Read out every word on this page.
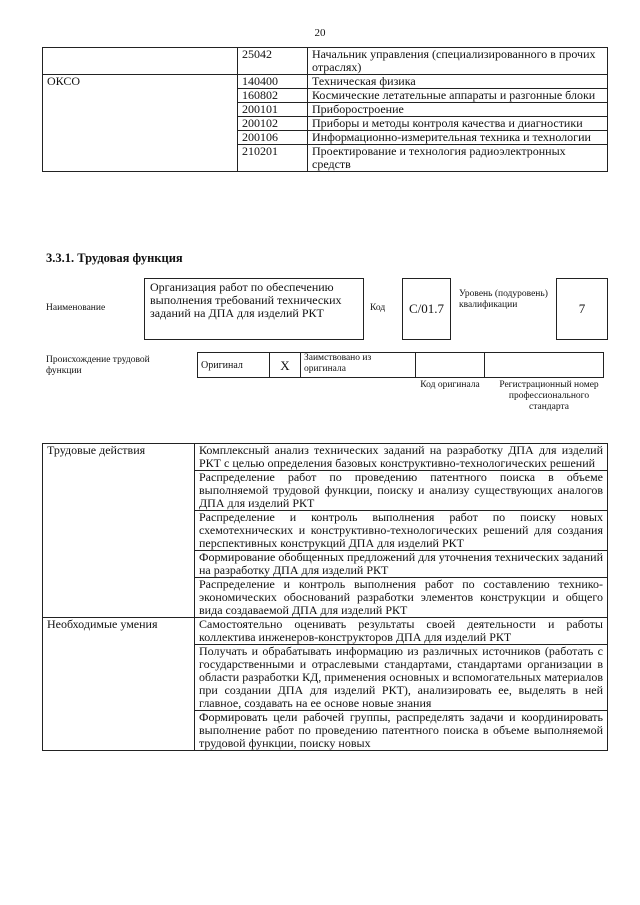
20
	25042	Начальник управления (специализированного в прочих отраслях)
ОКСО	140400	Техническая физика
	160802	Космические летательные аппараты и разгонные блоки
	200101	Приборостроение
	200102	Приборы и методы контроля качества и диагностики
	200106	Информационно-измерительная техника и технологии
	210201	Проектирование и технология радиоэлектронных средств
3.3.1. Трудовая функция
Наименование
Организация работ по обеспечению выполнения требований технических заданий на ДПА для изделий РКТ	Код	C/01.7
Уровень (подуровень) квалификации	7
Происхождение трудовой функции
Оригинал	X	Заимствовано из оригинала		
Код оригинала	Регистрационный номер профессионального стандарта
Трудовые действия	Комплексный анализ технических заданий на разработку ДПА для изделий РКТ с целью определения базовых конструктивно-технологических решений
	Распределение работ по проведению патентного поиска в объеме выполняемой трудовой функции, поиску и анализу существующих аналогов ДПА для изделий РКТ
	Распределение и контроль выполнения работ по поиску новых схемотехнических и конструктивно-технологических решений для создания перспективных конструкций ДПА для изделий РКТ
	Формирование обобщенных предложений для уточнения технических заданий на разработку ДПА для изделий РКТ
	Распределение и контроль выполнения работ по составлению технико-экономических обоснований разработки элементов конструкции и общего вида создаваемой ДПА для изделий РКТ
Необходимые умения	Самостоятельно оценивать результаты своей деятельности и работы коллектива инженеров-конструкторов ДПА для изделий РКТ
	Получать и обрабатывать информацию из различных источников (работать с государственными и отраслевыми стандартами, стандартами организации в области разработки КД, применения основных и вспомогательных материалов при создании ДПА для изделий РКТ), анализировать ее, выделять в ней главное, создавать на ее основе новые знания
	Формировать цели рабочей группы, распределять задачи и координировать выполнение работ по проведению патентного поиска в объеме выполняемой трудовой функции, поиску новых
